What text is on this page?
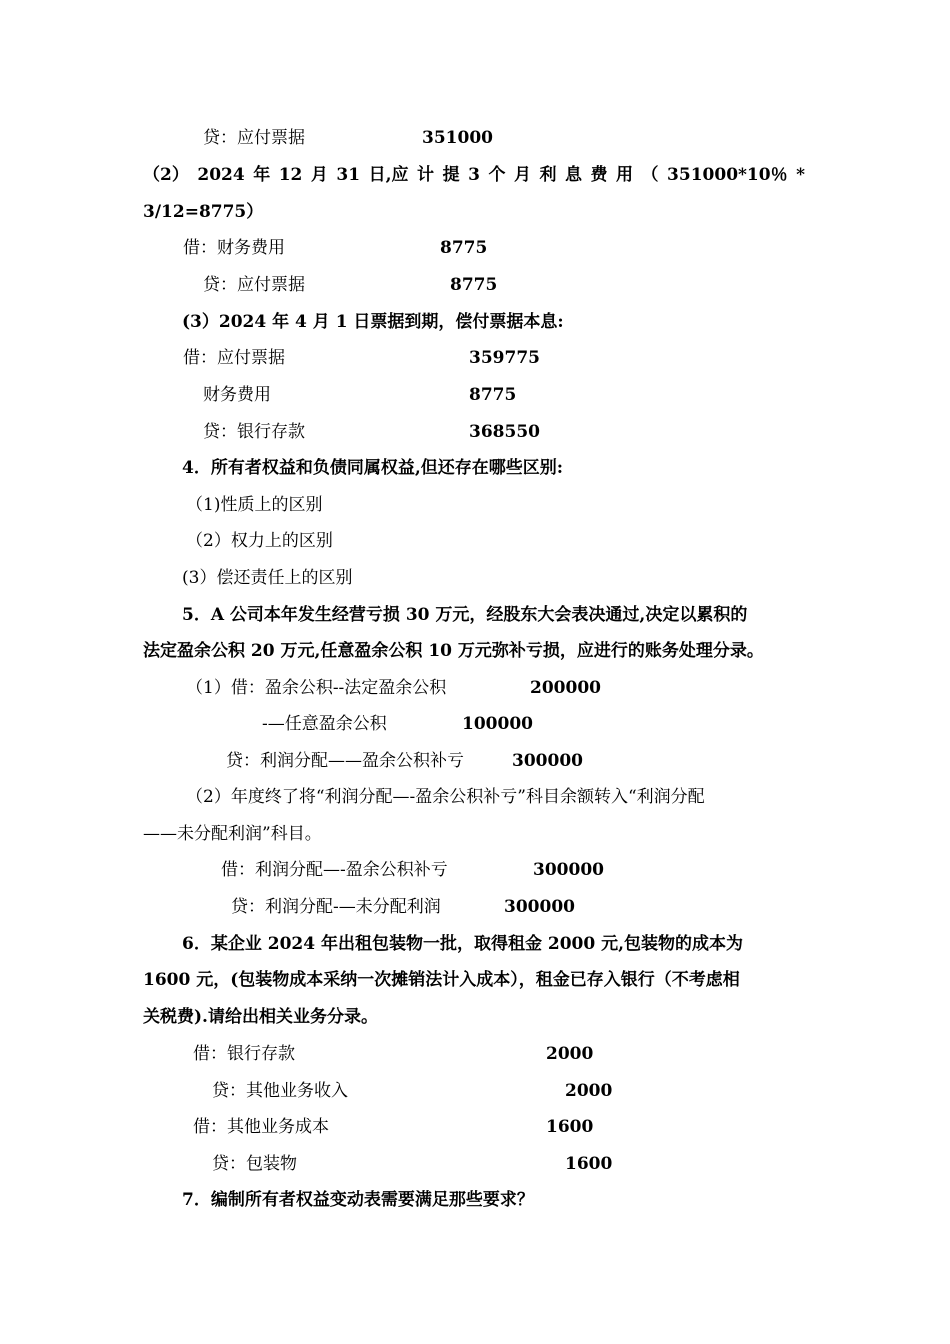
贷：应付票据	351000
（2） 2024 年 12 月 31 日,应 计 提 3 个 月 利 息 费 用 （ 351000*10％ *
3/12=8775）
借：财务费用	8775
贷：应付票据	8775
(3）2024 年 4 月 1 日票据到期，偿付票据本息:
借：应付票据	359775
财务费用	8775
贷：银行存款	368550
4．所有者权益和负债同属权益,但还存在哪些区别:
（1)性质上的区别
（2）权力上的区别
(3）偿还责任上的区别
5．A 公司本年发生经营亏损 30 万元，经股东大会表决通过,决定以累积的
法定盈余公积 20 万元,任意盈余公积 10 万元弥补亏损，应进行的账务处理分录。
（1）借：盈余公积--法定盈余公积	200000
-—任意盈余公积	100000
贷：利润分配——盈余公积补亏	300000
（2）年度终了将“利润分配—-盈余公积补亏”科目余额转入“利润分配
——未分配利润”科目。
借：利润分配—-盈余公积补亏	300000
贷：利润分配-—未分配利润	300000
6．某企业 2024 年出租包装物一批，取得租金 2000 元,包装物的成本为
1600 元，(包装物成本采纳一次摊销法计入成本），租金已存入银行（不考虑相
关税费).请给出相关业务分录。
借：银行存款	2000
贷：其他业务收入	2000
借：其他业务成本	1600
贷：包装物	1600
7．编制所有者权益变动表需要满足那些要求？
